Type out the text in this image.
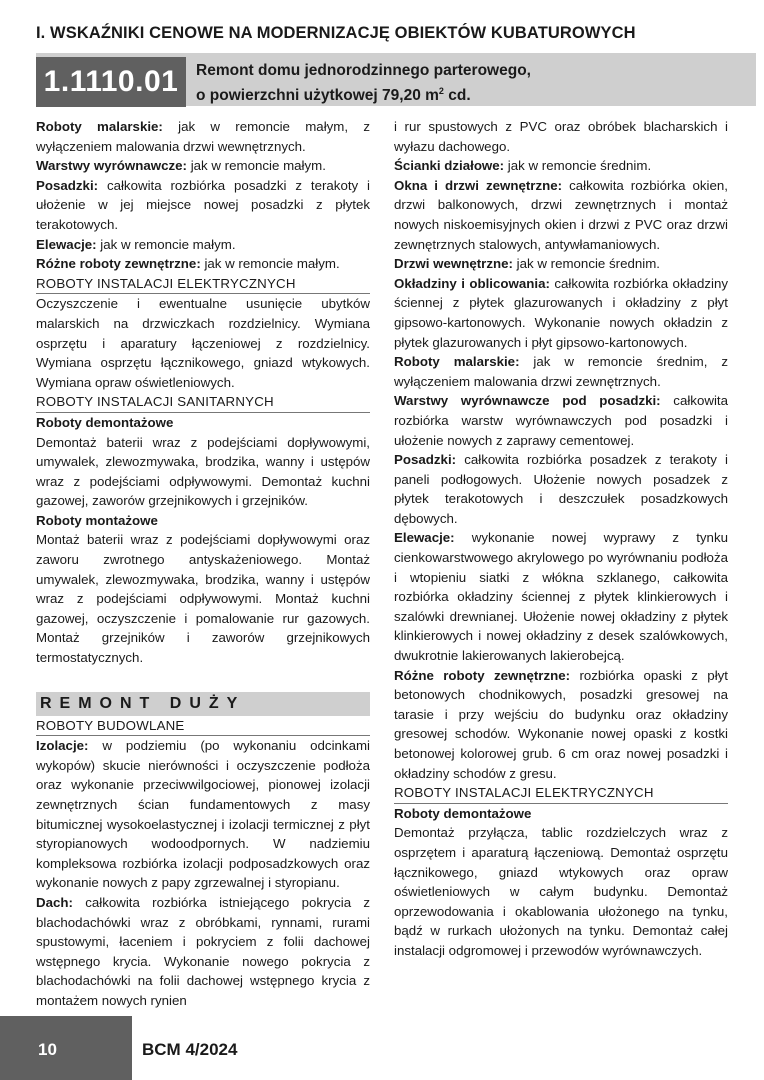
I. WSKAŹNIKI CENOWE NA MODERNIZACJĘ OBIEKTÓW KUBATUROWYCH
1.1110.01	Remont domu jednorodzinnego parterowego,
o powierzchni użytkowej 79,20 $m^2$ cd.

Roboty malarskie: jak w remoncie małym, z wyłączeniem malowania drzwi wewnętrznych.

Warstwy wyrównawcze: jak w remoncie małym.

Posadzki: całkowita rozbiórka posadzki z terakoty i ułożenie w jej miejsce nowej posadzki z płytek terakotowych.

Elewacje: jak w remoncie małym.

Różne roboty zewnętrzne: jak w remoncie małym.

ROBOTY INSTALACJI ELEKTRYCZNYCH

Oczyszczenie i ewentualne usunięcie ubytków malarskich na drzwiczkach rozdzielnicy. Wymiana osprzętu i aparatury łączeniowej z rozdzielnicy. Wymiana osprzętu łącznikowego, gniazd wtykowych. Wymiana opraw oświetleniowych.

ROBOTY INSTALACJI SANITARNYCH

Roboty demontażowe

Demontaż baterii wraz z podejściami dopływowymi, umywalek, zlewozmywaka, brodzika, wanny i ustępów wraz z podejściami odpływowymi. Demontaż kuchni gazowej, zaworów grzejnikowych i grzejników.

Roboty montażowe

Montaż baterii wraz z podejściami dopływowymi oraz zaworu zwrotnego antyskażeniowego. Montaż umywalek, zlewozmywaka, brodzika, wanny i ustępów wraz z podejściami odpływowymi. Montaż kuchni gazowej, oczyszczenie i pomalowanie rur gazowych. Montaż grzejników i zaworów grzejnikowych termostatycznych.

REMONT DUŻY

ROBOTY BUDOWLANE

Izolacje: w podziemiu (po wykonaniu odcinkami wykopów) skucie nierówności i oczyszczenie podłoża oraz wykonanie przeciwwilgociowej, pionowej izolacji zewnętrznych ścian fundamentowych z masy bitumicznej wysokoelastycznej i izolacji termicznej z płyt styropianowych wodoodpornych. W nadziemiu kompleksowa rozbiórka izolacji podposadzkowych oraz wykonanie nowych z papy zgrzewalnej i styropianu.

Dach: całkowita rozbiórka istniejącego pokrycia z blachodachówki wraz z obróbkami, rynnami, rurami spustowymi, łaceniem i pokryciem z folii dachowej wstępnego krycia. Wykonanie nowego pokrycia z blachodachówki na folii dachowej wstępnego krycia z montażem nowych rynien

i rur spustowych z PVC oraz obróbek blacharskich i wyłazu dachowego.

Ścianki działowe: jak w remoncie średnim.

Okna i drzwi zewnętrzne: całkowita rozbiórka okien, drzwi balkonowych, drzwi zewnętrznych i montaż nowych niskoemisyjnych okien i drzwi z PVC oraz drzwi zewnętrznych stalowych, antywłamaniowych.

Drzwi wewnętrzne: jak w remoncie średnim.

Okładziny i oblicowania: całkowita rozbiórka okładziny ściennej z płytek glazurowanych i okładziny z płyt gipsowo-kartonowych. Wykonanie nowych okładzin z płytek glazurowanych i płyt gipsowo-kartonowych.

Roboty malarskie: jak w remoncie średnim, z wyłączeniem malowania drzwi zewnętrznych.

Warstwy wyrównawcze pod posadzki: całkowita rozbiórka warstw wyrównawczych pod posadzki i ułożenie nowych z zaprawy cementowej.

Posadzki: całkowita rozbiórka posadzek z terakoty i paneli podłogowych. Ułożenie nowych posadzek z płytek terakotowych i deszczułek posadzkowych dębowych.

Elewacje: wykonanie nowej wyprawy z tynku cienkowarstwowego akrylowego po wyrównaniu podłoża i wtopieniu siatki z włókna szklanego, całkowita rozbiórka okładziny ściennej z płytek klinkierowych i szalówki drewnianej. Ułożenie nowej okładziny z płytek klinkierowych i nowej okładziny z desek szalówkowych, dwukrotnie lakierowanych lakierobejcą.

Różne roboty zewnętrzne: rozbiórka opaski z płyt betonowych chodnikowych, posadzki gresowej na tarasie i przy wejściu do budynku oraz okładziny gresowej schodów. Wykonanie nowej opaski z kostki betonowej kolorowej grub. 6 cm oraz nowej posadzki i okładziny schodów z gresu.

ROBOTY INSTALACJI ELEKTRYCZNYCH

Roboty demontażowe

Demontaż przyłącza, tablic rozdzielczych wraz z osprzętem i aparaturą łączeniową. Demontaż osprzętu łącznikowego, gniazd wtykowych oraz opraw oświetleniowych w całym budynku. Demontaż oprzewodowania i okablowania ułożonego na tynku, bądź w rurkach ułożonych na tynku. Demontaż całej instalacji odgromowej i przewodów wyrównawczych.

10	BCM 4/2024
